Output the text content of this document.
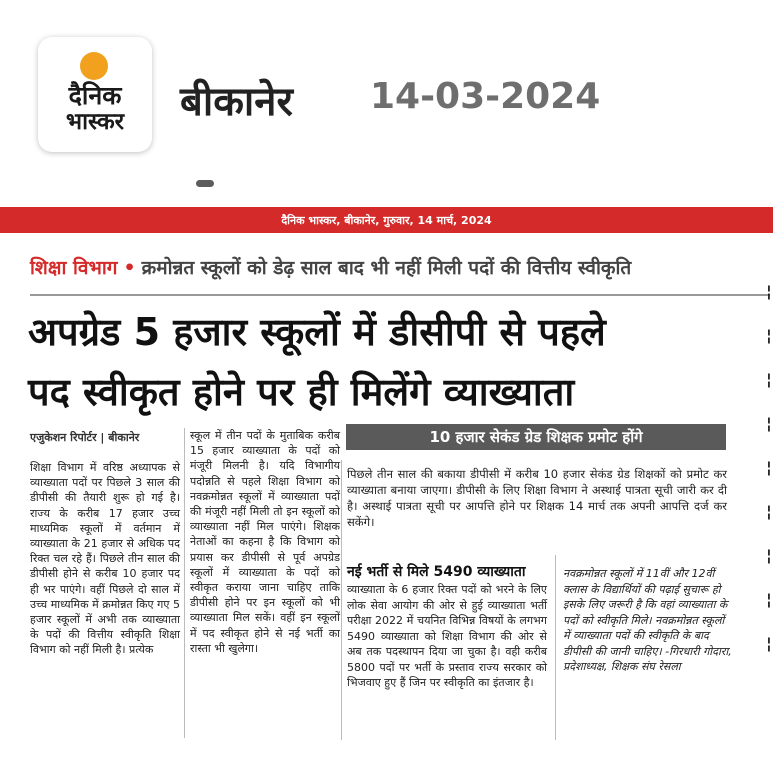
दैनिक
भास्कर	बीकानेर 14-03-2024
दैनिक भास्कर, बीकानेर, गुरुवार, 14 मार्च, 2024
शिक्षा विभाग • क्रमोन्नत स्कूलों को डेढ़ साल बाद भी नहीं मिली पदों की वित्तीय स्वीकृति
अपग्रेड 5 हजार स्कूलों में डीसीपी से पहले
पद स्वीकृत होने पर ही मिलेंगे व्याख्याता
एजुकेशन रिपोर्टर | बीकानेर
शिक्षा विभाग में वरिष्ठ अध्यापक से व्याख्याता पदों पर पिछले 3 साल की डीपीसी की तैयारी शुरू हो गई है। राज्य के करीब 17 हजार उच्च माध्यमिक स्कूलों में वर्तमान में व्याख्याता के 21 हजार से अधिक पद रिक्त चल रहे हैं। पिछले तीन साल की डीपीसी होने से करीब 10 हजार पद ही भर पाएंगे। वहीं पिछले दो साल में उच्च माध्यमिक में क्रमोन्नत किए गए 5 हजार स्कूलों में अभी तक व्याख्याता के पदों की वित्तीय स्वीकृति शिक्षा विभाग को नहीं मिली है। प्रत्येक
स्कूल में तीन पदों के मुताबिक करीब 15 हजार व्याख्याता के पदों को मंजूरी मिलनी है। यदि विभागीय पदोन्नति से पहले शिक्षा विभाग को नवक्रमोन्नत स्कूलों में व्याख्याता पदों की मंजूरी नहीं मिली तो इन स्कूलों को व्याख्याता नहीं मिल पाएंगे। शिक्षक नेताओं का कहना है कि विभाग को प्रयास कर डीपीसी से पूर्व अपग्रेड स्कूलों में व्याख्याता के पदों को स्वीकृत कराया जाना चाहिए ताकि डीपीसी होने पर इन स्कूलों को भी व्याख्याता मिल सकें। वहीं इन स्कूलों में पद स्वीकृत होने से नई भर्ती का रास्ता भी खुलेगा।
10 हजार सेकंड ग्रेड शिक्षक प्रमोट होंगे
पिछले तीन साल की बकाया डीपीसी में करीब 10 हजार सेकंड ग्रेड शिक्षकों को प्रमोट कर व्याख्याता बनाया जाएगा। डीपीसी के लिए शिक्षा विभाग ने अस्थाई पात्रता सूची जारी कर दी है। अस्थाई पात्रता सूची पर आपत्ति होने पर शिक्षक 14 मार्च तक अपनी आपत्ति दर्ज कर सकेंगे।
नई भर्ती से मिले 5490 व्याख्याता
व्याख्याता के 6 हजार रिक्त पदों को भरने के लिए लोक सेवा आयोग की ओर से हुई व्याख्याता भर्ती परीक्षा 2022 में चयनित विभिन्न विषयों के लगभग 5490 व्याख्याता को शिक्षा विभाग की ओर से अब तक पदस्थापन दिया जा चुका है। वही करीब 5800 पदों पर भर्ती के प्रस्ताव राज्य सरकार को भिजवाए हुए हैं जिन पर स्वीकृति का इंतजार है।
नवक्रमोन्नत स्कूलों में 11वीं और 12वीं क्लास के विद्यार्थियों की पढ़ाई सुचारू हो इसके लिए जरूरी है कि वहां व्याख्याता के पदों को स्वीकृति मिले। नवक्रमोन्नत स्कूलों में व्याख्याता पदों की स्वीकृति के बाद डीपीसी की जानी चाहिए। -गिरधारी गोदारा, प्रदेशाध्यक्ष, शिक्षक संघ रेसला
¦
¦
¦
¦
¦
¦
¦
¦
¦
